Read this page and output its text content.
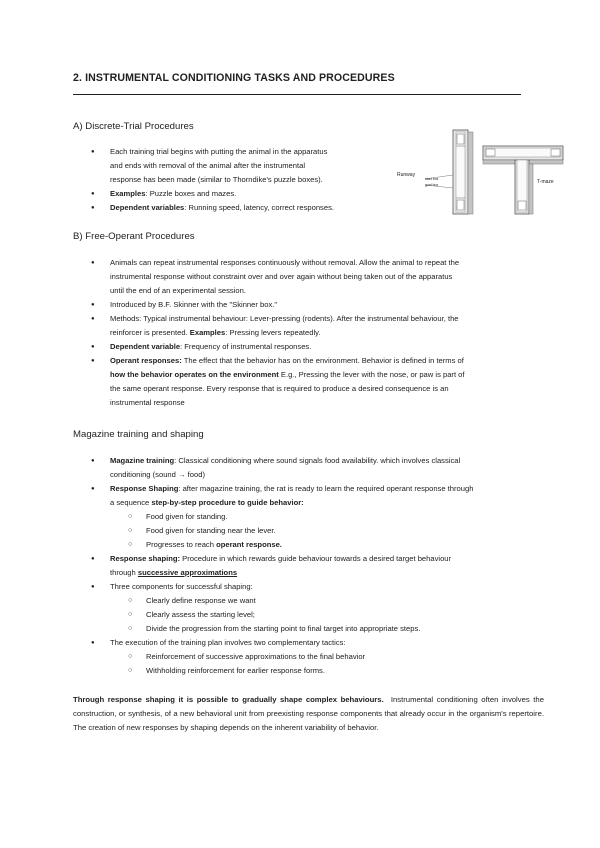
2. INSTRUMENTAL CONDITIONING TASKS AND PROCEDURES
A) Discrete-Trial Procedures
● Each training trial begins with putting the animal in the apparatus
and ends with removal of the animal after the instrumental
response has been made (similar to Thorndike's puzzle boxes).
● Examples: Puzzle boxes and mazes.
● Dependent variables: Running speed, latency, correct responses.
Runway
start box
goal box	T-maze
B) Free-Operant Procedures
● Animals can repeat instrumental responses continuously without removal. Allow the animal to repeat the
instrumental response without constraint over and over again without being taken out of the apparatus
until the end of an experimental session.
● Introduced by B.F. Skinner with the "Skinner box."
● Methods: Typical instrumental behaviour: Lever-pressing (rodents). After the instrumental behaviour, the
reinforcer is presented. Examples: Pressing levers repeatedly.
● Dependent variable: Frequency of instrumental responses.
● Operant responses: The effect that the behavior has on the environment. Behavior is defined in terms of
how the behavior operates on the environment E.g., Pressing the lever with the nose, or paw is part of
the same operant response. Every response that is required to produce a desired consequence is an
instrumental response
Magazine training and shaping
● Magazine training: Classical conditioning where sound signals food availability. which involves classical
conditioning (sound → food)
● Response Shaping: after magazine training, the rat is ready to learn the required operant response through
a sequence step-by-step procedure to guide behavior:
○ Food given for standing.
○ Food given for standing near the lever.
○ Progresses to reach operant response.
● Response shaping: Procedure in which rewards guide behaviour towards a desired target behaviour
through successive approximations
● Three components for successful shaping:
○ Clearly define response we want
○ Clearly assess the starting level;
○ Divide the progression from the starting point to final target into appropriate steps.
● The execution of the training plan involves two complementary tactics:
○ Reinforcement of successive approximations to the final behavior
○ Withholding reinforcement for earlier response forms.
Through response shaping it is possible to gradually shape complex behaviours.  Instrumental conditioning often involves the construction, or synthesis, of a new behavioral unit from preexisting response components that already occur in the organism's repertoire. The creation of new responses by shaping depends on the inherent variability of behavior.
